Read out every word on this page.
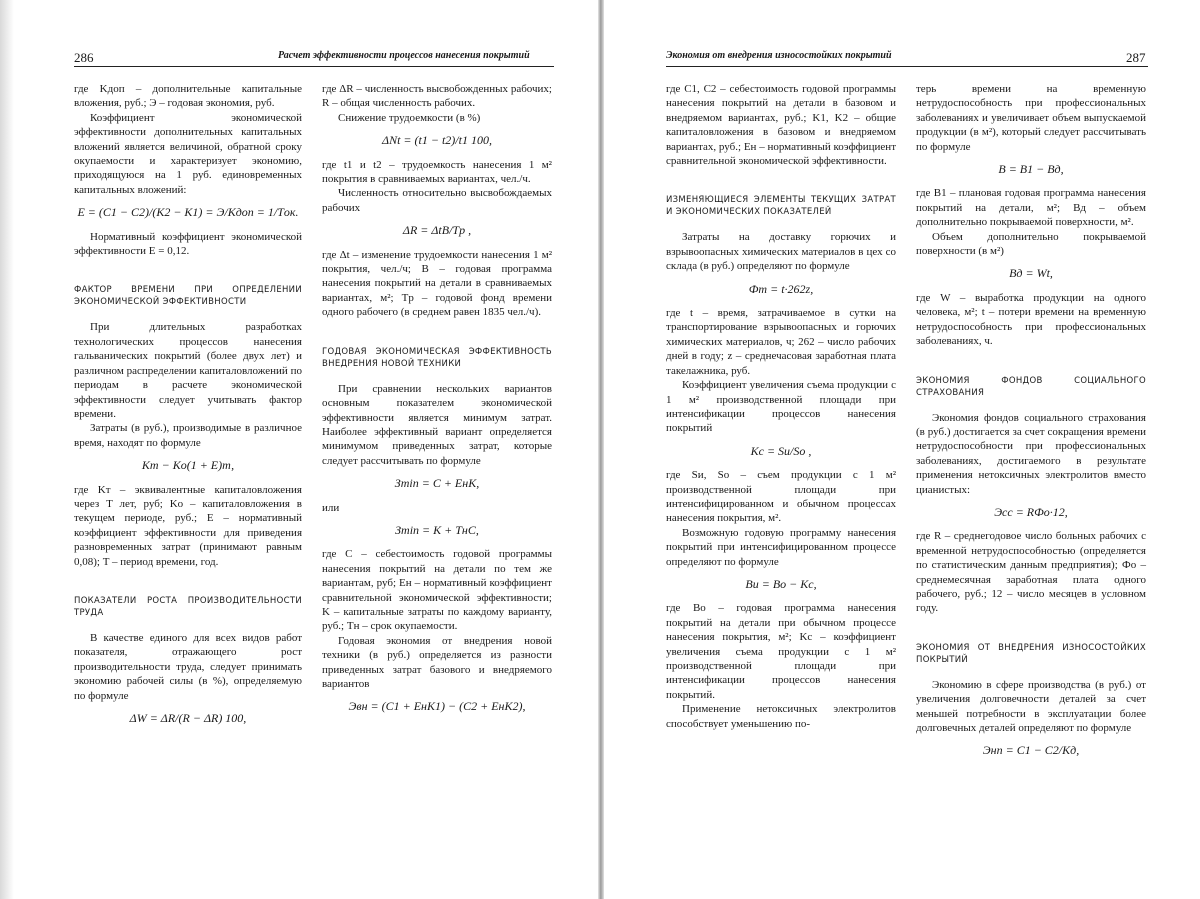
286	Расчет эффективности процессов нанесения покрытий

где Kдоп – дополнительные капитальные вложения, руб.; Э – годовая экономия, руб.

Коэффициент экономической эффективности дополнительных капитальных вложений является величиной, обратной сроку окупаемости и характеризует экономию, приходящуюся на 1 руб. единовременных капитальных вложений:

E = (C1 − C2)/(K2 − K1) = Э/Kдоп = 1/Tок.

Нормативный коэффициент экономической эффективности E = 0,12.

ФАКТОР ВРЕМЕНИ ПРИ ОПРЕДЕЛЕНИИ ЭКОНОМИЧЕСКОЙ ЭФФЕКТИВНОСТИ

При длительных разработках технологических процессов нанесения гальванических покрытий (более двух лет) и различном распределении капиталовложений по периодам в расчете экономической эффективности следует учитывать фактор времени.

Затраты (в руб.), производимые в различное время, находят по формуле

Kт − Kо(1 + E)т,

где Kт – эквивалентные капиталовложения через T лет, руб; Kо – капиталовложения в текущем периоде, руб.; E – нормативный коэффициент эффективности для приведения разновременных затрат (принимают равным 0,08); T – период времени, год.

ПОКАЗАТЕЛИ РОСТА ПРОИЗВОДИТЕЛЬНОСТИ ТРУДА

В качестве единого для всех видов работ показателя, отражающего рост производительности труда, следует принимать экономию рабочей силы (в %), определяемую по формуле

ΔW = ΔR/(R − ΔR) 100,

где ΔR – численность высвобожденных рабочих; R – общая численность рабочих.

Снижение трудоемкости (в %)

ΔNt = (t1 − t2)/t1 100,

где t1 и t2 – трудоемкость нанесения 1 м² покрытия в сравниваемых вариантах, чел./ч.

Численность относительно высвобождаемых рабочих

ΔR = ΔtB/Tр ,

где Δt – изменение трудоемкости нанесения 1 м² покрытия, чел./ч; B – годовая программа нанесения покрытий на детали в сравниваемых вариантах, м²; Tр – годовой фонд времени одного рабочего (в среднем равен 1835 чел./ч).

ГОДОВАЯ ЭКОНОМИЧЕСКАЯ ЭФФЕКТИВНОСТЬ ВНЕДРЕНИЯ НОВОЙ ТЕХНИКИ

При сравнении нескольких вариантов основным показателем экономической эффективности является минимум затрат. Наиболее эффективный вариант определяется минимумом приведенных затрат, которые следует рассчитывать по формуле

Зmin = C + EнK,

или

Зmin = K + TнC,

где C – себестоимость годовой программы нанесения покрытий на детали по тем же вариантам, руб; Eн – нормативный коэффициент сравнительной экономической эффективности; K – капитальные затраты по каждому варианту, руб.; Tн – срок окупаемости.

Годовая экономия от внедрения новой техники (в руб.) определяется из разности приведенных затрат базового и внедряемого вариантов

Эвн = (C1 + EнK1) − (C2 + EнK2),
Экономия от внедрения износостойких покрытий	287

где C1, C2 – себестоимость годовой программы нанесения покрытий на детали в базовом и внедряемом вариантах, руб.; K1, K2 – общие капиталовложения в базовом и внедряемом вариантах, руб.; Eн – нормативный коэффициент сравнительной экономической эффективности.

ИЗМЕНЯЮЩИЕСЯ ЭЛЕМЕНТЫ ТЕКУЩИХ ЗАТРАТ И ЭКОНОМИЧЕСКИХ ПОКАЗАТЕЛЕЙ

Затраты на доставку горючих и взрывоопасных химических материалов в цех со склада (в руб.) определяют по формуле

Фт = t·262z,

где t – время, затрачиваемое в сутки на транспортирование взрывоопасных и горючих химических материалов, ч; 262 – число рабочих дней в году; z – среднечасовая заработная плата такелажника, руб.

Коэффициент увеличения съема продукции с 1 м² производственной площади при интенсификации процессов нанесения покрытий

Kс = Sи/Sо ,

где Sи, Sо – съем продукции с 1 м² производственной площади при интенсифицированном и обычном процессах нанесения покрытия, м².

Возможную годовую программу нанесения покрытий при интенсифицированном процессе определяют по формуле

Bи = Bо − Kс,

где Bо – годовая программа нанесения покрытий на детали при обычном процессе нанесения покрытия, м²; Kс – коэффициент увеличения съема продукции с 1 м² производственной площади при интенсификации процессов нанесения покрытий.

Применение нетоксичных электролитов способствует уменьшению по-

терь времени на временную нетрудоспособность при профессиональных заболеваниях и увеличивает объем выпускаемой продукции (в м²), который следует рассчитывать по формуле

B = B1 − Bд,

где B1 – плановая годовая программа нанесения покрытий на детали, м²; Bд – объем дополнительно покрываемой поверхности, м².

Объем дополнительно покрываемой поверхности (в м²)

Bд = Wt,

где W – выработка продукции на одного человека, м²; t – потери времени на временную нетрудоспособность при профессиональных заболеваниях, ч.

ЭКОНОМИЯ ФОНДОВ СОЦИАЛЬНОГО СТРАХОВАНИЯ

Экономия фондов социального страхования (в руб.) достигается за счет сокращения времени нетрудоспособности при профессиональных заболеваниях, достигаемого в результате применения нетоксичных электролитов вместо цианистых:

Эсс = RФо·12,

где R – среднегодовое число больных рабочих с временной нетрудоспособностью (определяется по статистическим данным предприятия); Фо – среднемесячная заработная плата одного рабочего, руб.; 12 – число месяцев в условном году.

ЭКОНОМИЯ ОТ ВНЕДРЕНИЯ ИЗНОСОСТОЙКИХ ПОКРЫТИЙ

Экономию в сфере производства (в руб.) от увеличения долговечности деталей за счет меньшей потребности в эксплуатации более долговечных деталей определяют по формуле

Энп = C1 − C2/Kд,
